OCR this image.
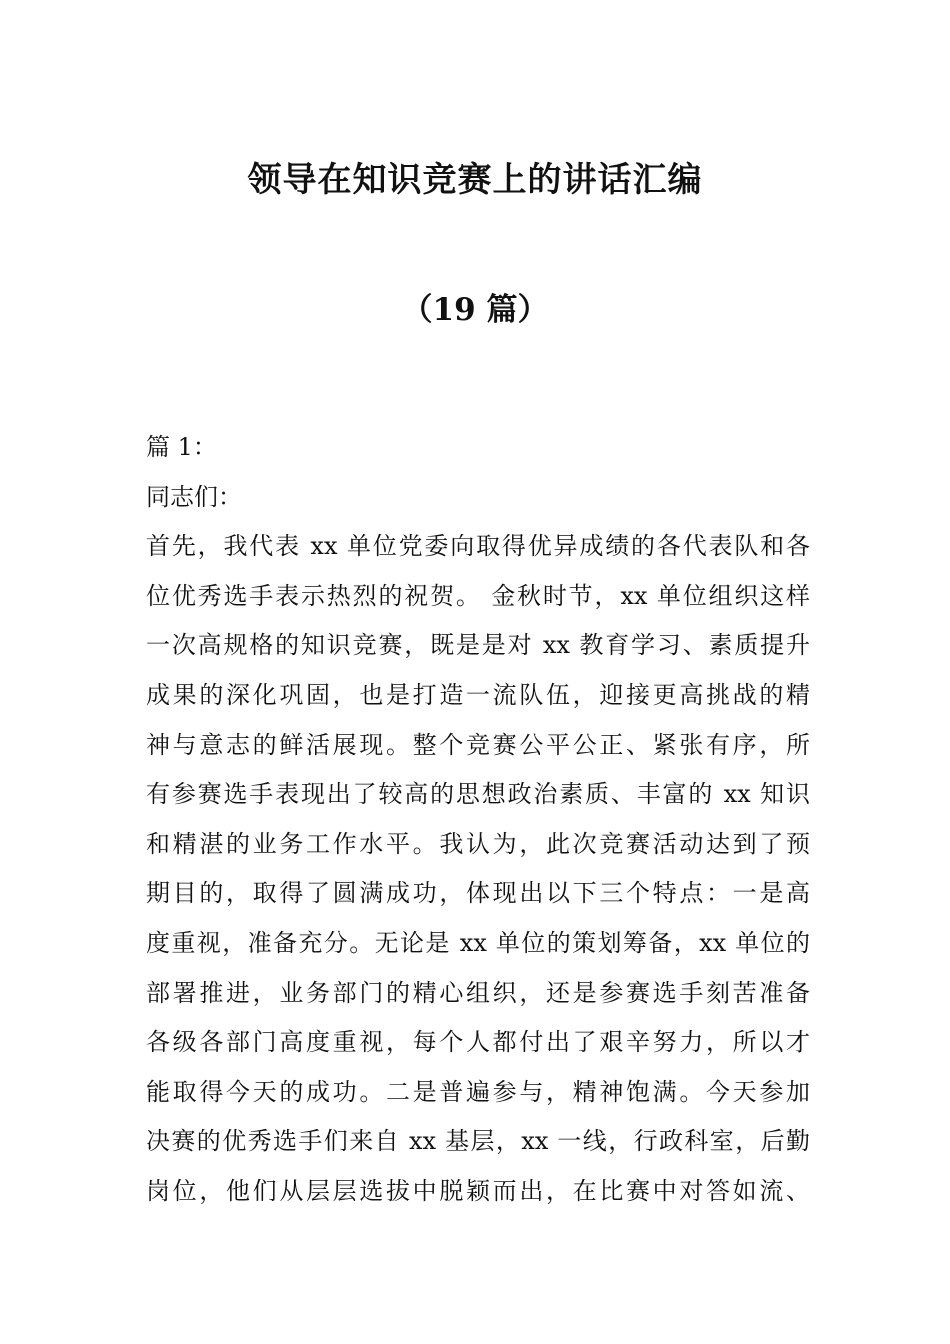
领导在知识竞赛上的讲话汇编
（19 篇）
篇 1：
同志们：
首先，我代表 xx 单位党委向取得优异成绩的各代表队和各
位优秀选手表示热烈的祝贺。 金秋时节，xx 单位组织这样
一次高规格的知识竞赛，既是是对 xx 教育学习、素质提升
成果的深化巩固，也是打造一流队伍，迎接更高挑战的精
神与意志的鲜活展现。整个竞赛公平公正、紧张有序，所
有参赛选手表现出了较高的思想政治素质、丰富的 xx 知识
和精湛的业务工作水平。我认为，此次竞赛活动达到了预
期目的，取得了圆满成功，体现出以下三个特点：一是高
度重视，准备充分。无论是 xx 单位的策划筹备，xx 单位的
部署推进，业务部门的精心组织，还是参赛选手刻苦准备
各级各部门高度重视，每个人都付出了艰辛努力，所以才
能取得今天的成功。二是普遍参与，精神饱满。今天参加
决赛的优秀选手们来自 xx 基层，xx 一线，行政科室，后勤
岗位，他们从层层选拔中脱颖而出，在比赛中对答如流、
